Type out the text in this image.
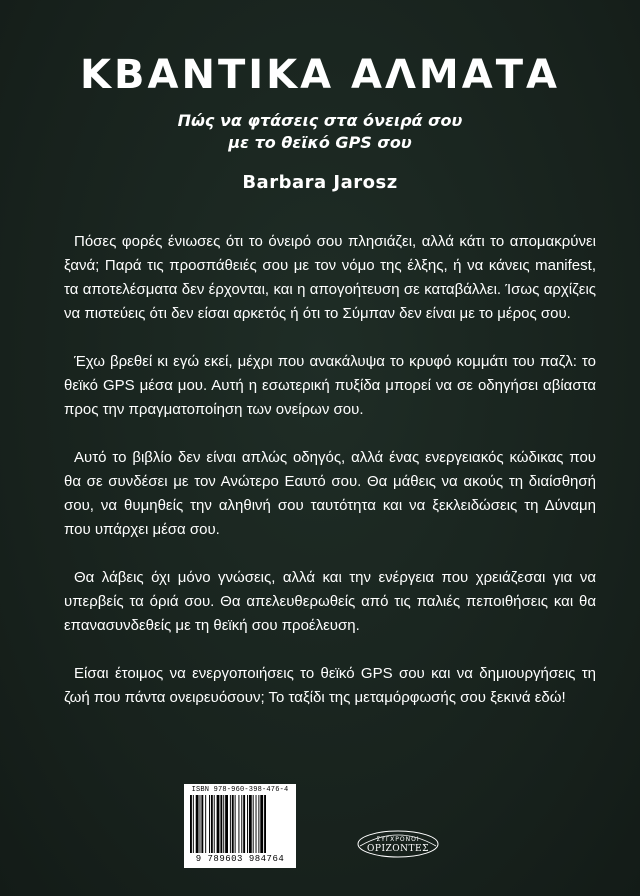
ΚΒΑΝΤΙΚΑ ΑΛΜΑΤΑ
Πώς να φτάσεις στα όνειρά σου
με το θεϊκό GPS σου
Barbara Jarosz

Πόσες φορές ένιωσες ότι το όνειρό σου πλησιάζει, αλλά κάτι το απομακρύνει ξανά; Παρά τις προσπάθειές σου με τον νόμο της έλξης, ή να κάνεις manifest, τα αποτελέσματα δεν έρχονται, και η απογοήτευση σε καταβάλλει. Ίσως αρχίζεις να πιστεύεις ότι δεν είσαι αρκετός ή ότι το Σύμπαν δεν είναι με το μέρος σου.

Έχω βρεθεί κι εγώ εκεί, μέχρι που ανακάλυψα το κρυφό κομμάτι του παζλ: το θεϊκό GPS μέσα μου. Αυτή η εσωτερική πυξίδα μπορεί να σε οδηγήσει αβίαστα προς την πραγματοποίηση των ονείρων σου.

Αυτό το βιβλίο δεν είναι απλώς οδηγός, αλλά ένας ενεργειακός κώδικας που θα σε συνδέσει με τον Ανώτερο Εαυτό σου. Θα μάθεις να ακούς τη διαίσθησή σου, να θυμηθείς την αληθινή σου ταυτότητα και να ξεκλειδώσεις τη Δύναμη που υπάρχει μέσα σου.

Θα λάβεις όχι μόνο γνώσεις, αλλά και την ενέργεια που χρειάζεσαι για να υπερβείς τα όριά σου. Θα απελευθερωθείς από τις παλιές πεποιθήσεις και θα επανασυνδεθείς με τη θεϊκή σου προέλευση.

Είσαι έτοιμος να ενεργοποιήσεις το θεϊκό GPS σου και να δημιουργήσεις τη ζωή που πάντα ονειρευόσουν; Το ταξίδι της μεταμόρφωσής σου ξεκινά εδώ!

ISBN 978-960-398-476-4
9 789603 984764
ΣΥΓΧΡΟΝΟΙ
ΟΡΙΖΟΝΤΕΣ
